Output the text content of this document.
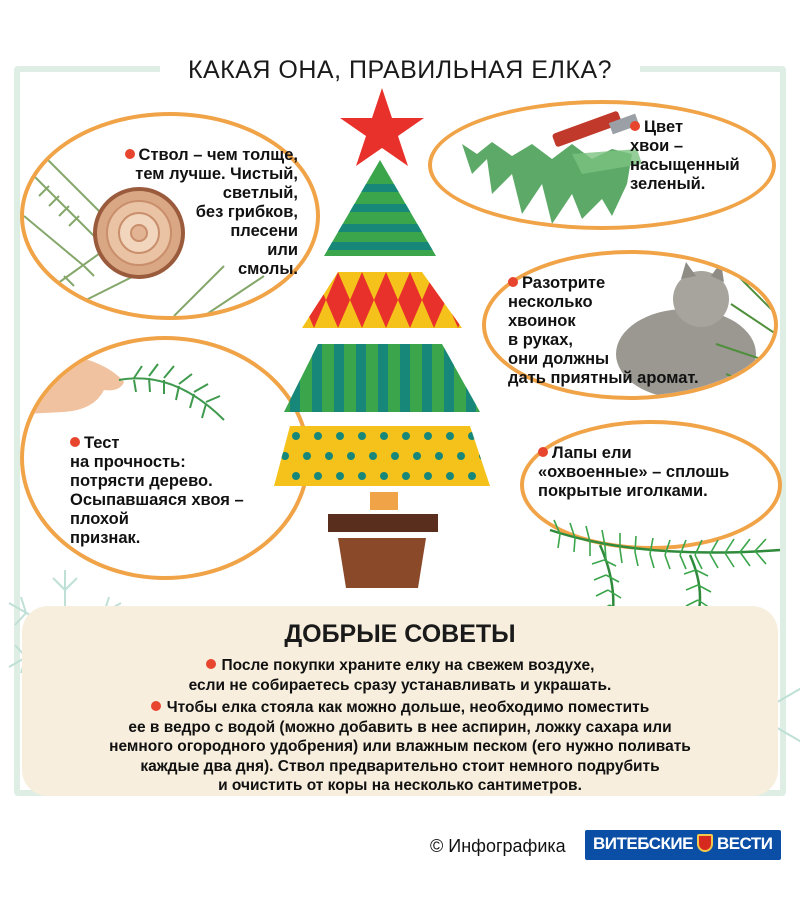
КАКАЯ ОНА, ПРАВИЛЬНАЯ ЕЛКА?
Ствол – чем толще,
тем лучше. Чистый,
светлый,
без грибков,
плесени
или
смолы.
Цвет
хвои –
насыщенный
зеленый.
Разотрите
несколько
хвоинок
в руках,
они должны
дать приятный аромат.
Тест
на прочность:
потрясти дерево.
Осыпавшаяся хвоя –
плохой
признак.
Лапы ели
«охвоенные» – сплошь
покрытые иголками.
ДОБРЫЕ СОВЕТЫ
После покупки храните елку на свежем воздухе,
если не собираетесь сразу устанавливать и украшать.
Чтобы елка стояла как можно дольше, необходимо поместить
ее в ведро с водой (можно добавить в нее аспирин, ложку сахара или
немного огородного удобрения) или влажным песком (его нужно поливать
каждые два дня). Ствол предварительно стоит немного подрубить
и очистить от коры на несколько сантиметров.
© Инфографика	ВИТЕБСКИЕ ВЕСТИ
